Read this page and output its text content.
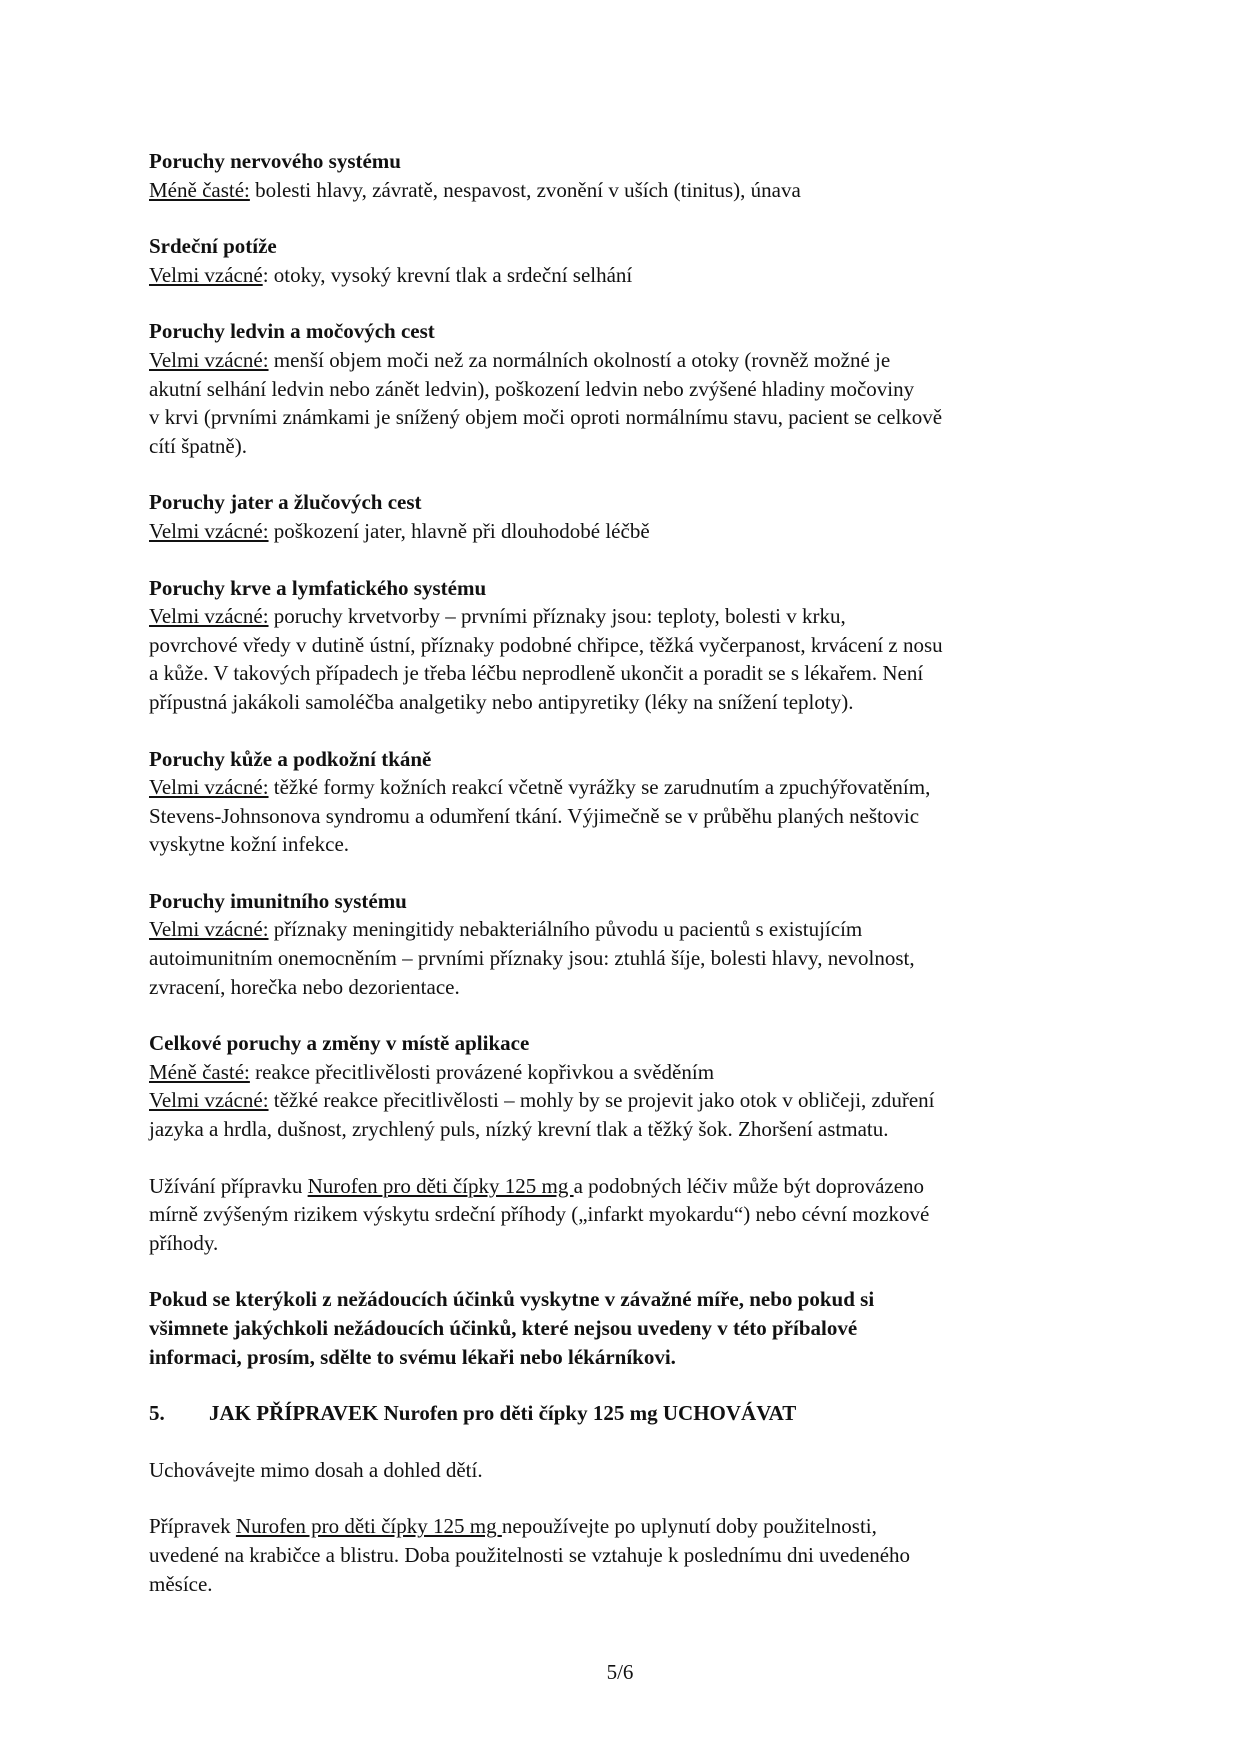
Poruchy nervového systému
Méně časté: bolesti hlavy, závratě, nespavost, zvonění v uších (tinitus), únava
Srdeční potíže
Velmi vzácné: otoky, vysoký krevní tlak a srdeční selhání
Poruchy ledvin a močových cest
Velmi vzácné: menší objem moči než za normálních okolností a otoky (rovněž možné je
akutní selhání ledvin nebo zánět ledvin), poškození ledvin nebo zvýšené hladiny močoviny
v krvi (prvními známkami je snížený objem moči oproti normálnímu stavu, pacient se celkově
cítí špatně).
Poruchy jater a žlučových cest
Velmi vzácné: poškození jater, hlavně při dlouhodobé léčbě
Poruchy krve a lymfatického systému
Velmi vzácné: poruchy krvetvorby – prvními příznaky jsou: teploty, bolesti v krku,
povrchové vředy v dutině ústní, příznaky podobné chřipce, těžká vyčerpanost, krvácení z nosu
a kůže. V takových případech je třeba léčbu neprodleně ukončit a poradit se s lékařem. Není
přípustná jakákoli samoléčba analgetiky nebo antipyretiky (léky na snížení teploty).
Poruchy kůže a podkožní tkáně
Velmi vzácné: těžké formy kožních reakcí včetně vyrážky se zarudnutím a zpuchýřovatěním,
Stevens-Johnsonova syndromu a odumření tkání. Výjimečně se v průběhu planých neštovic
vyskytne kožní infekce.
Poruchy imunitního systému
Velmi vzácné: příznaky meningitidy nebakteriálního původu u pacientů s existujícím
autoimunitním onemocněním – prvními příznaky jsou: ztuhlá šíje, bolesti hlavy, nevolnost,
zvracení, horečka nebo dezorientace.
Celkové poruchy a změny v místě aplikace
Méně časté: reakce přecitlivělosti provázené kopřivkou a svěděním
Velmi vzácné: těžké reakce přecitlivělosti – mohly by se projevit jako otok v obličeji, zduření
jazyka a hrdla, dušnost, zrychlený puls, nízký krevní tlak a těžký šok. Zhoršení astmatu.
Užívání přípravku Nurofen pro děti čípky 125 mg a podobných léčiv může být doprovázeno
mírně zvýšeným rizikem výskytu srdeční příhody („infarkt myokardu“) nebo cévní mozkové
příhody.
Pokud se kterýkoli z nežádoucích účinků vyskytne v závažné míře, nebo pokud si
všimnete jakýchkoli nežádoucích účinků, které nejsou uvedeny v této příbalové
informaci, prosím, sdělte to svému lékaři nebo lékárníkovi.
5. JAK PŘÍPRAVEK Nurofen pro děti čípky 125 mg UCHOVÁVAT
Uchovávejte mimo dosah a dohled dětí.
Přípravek Nurofen pro děti čípky 125 mg nepoužívejte po uplynutí doby použitelnosti,
uvedené na krabičce a blistru. Doba použitelnosti se vztahuje k poslednímu dni uvedeného
měsíce.
5/6
